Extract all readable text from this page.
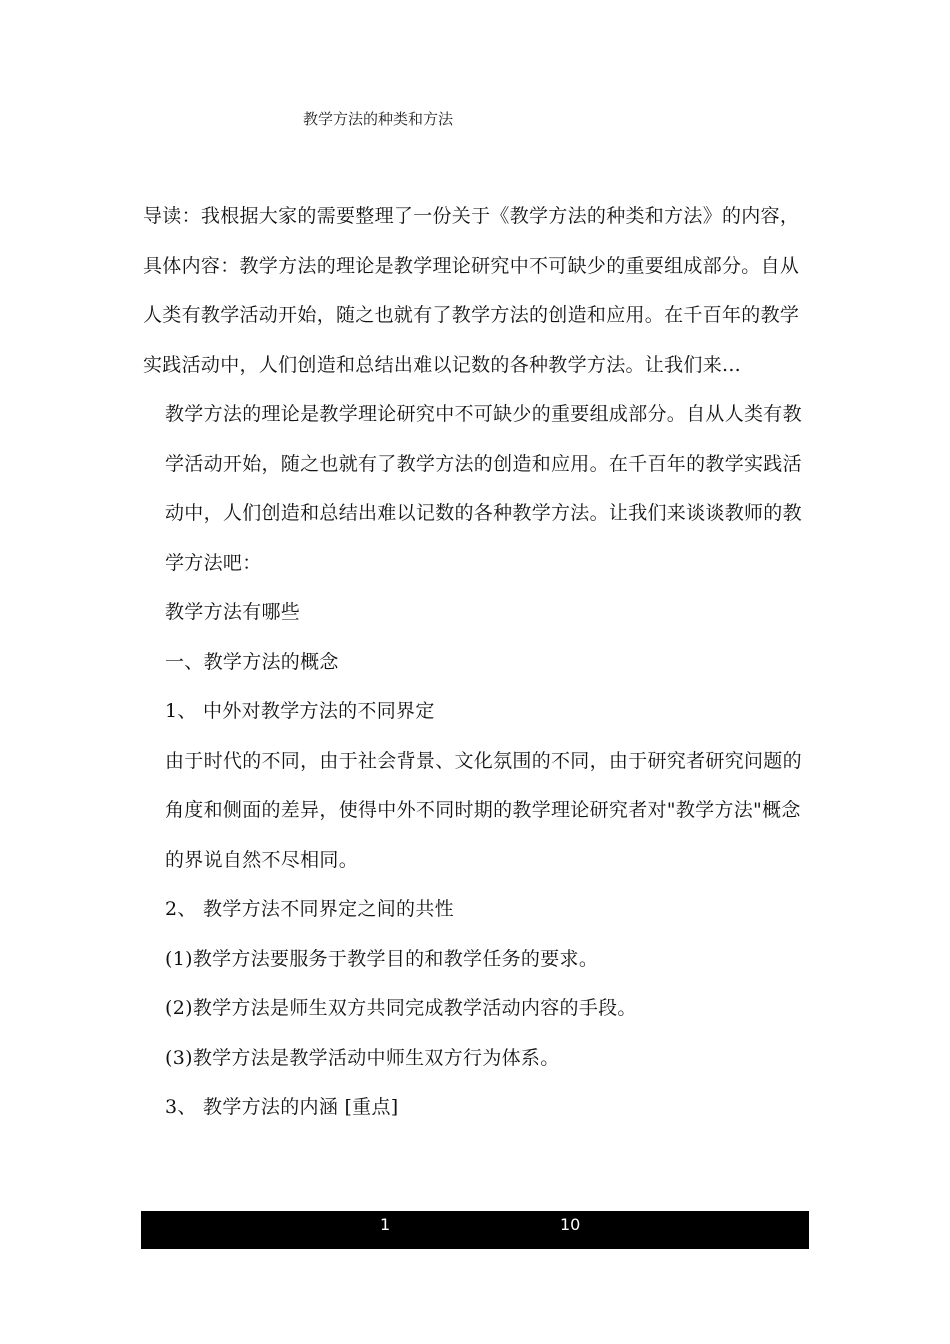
教学方法的种类和方法

导读：我根据大家的需要整理了一份关于《教学方法的种类和方法》的内容，具体内容：教学方法的理论是教学理论研究中不可缺少的重要组成部分。自从人类有教学活动开始，随之也就有了教学方法的创造和应用。在千百年的教学实践活动中，人们创造和总结出难以记数的各种教学方法。让我们来...

教学方法的理论是教学理论研究中不可缺少的重要组成部分。自从人类有教学活动开始，随之也就有了教学方法的创造和应用。在千百年的教学实践活动中，人们创造和总结出难以记数的各种教学方法。让我们来谈谈教师的教学方法吧：

教学方法有哪些

一、教学方法的概念

1、 中外对教学方法的不同界定

由于时代的不同，由于社会背景、文化氛围的不同，由于研究者研究问题的角度和侧面的差异，使得中外不同时期的教学理论研究者对"教学方法"概念的界说自然不尽相同。

2、 教学方法不同界定之间的共性

(1)教学方法要服务于教学目的和教学任务的要求。

(2)教学方法是师生双方共同完成教学活动内容的手段。

(3)教学方法是教学活动中师生双方行为体系。

3、 教学方法的内涵 [重点]

1	10
